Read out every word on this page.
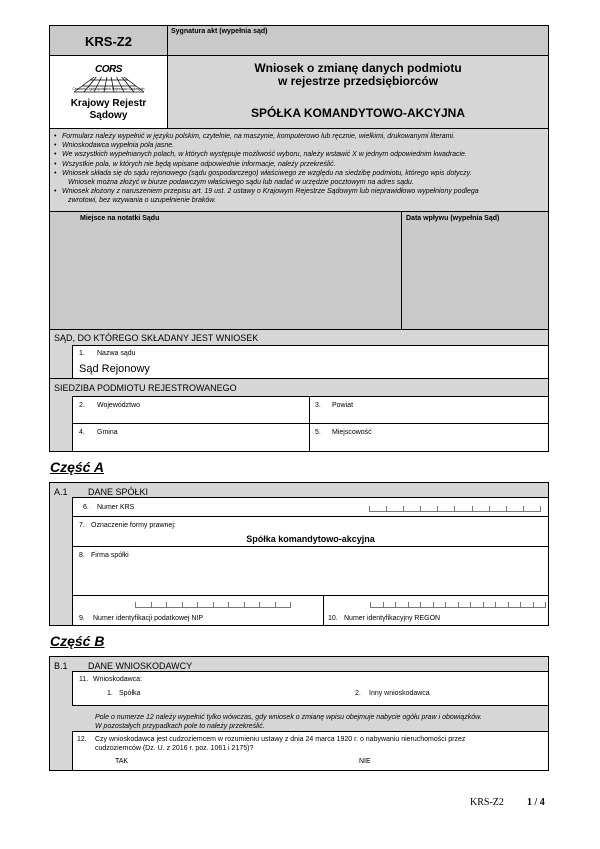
KRS-Z2
CORS
Centrum Ogólnopolskich Rejestrów Sądowych
Krajowy Rejestr
Sądowy
Sygnatura akt (wypełnia sąd)
Wniosek o zmianę danych podmiotu
w rejestrze przedsiębiorców
SPÓŁKA KOMANDYTOWO-AKCYJNA
• Formularz należy wypełnić w języku polskim, czytelnie, na maszynie, komputerowo lub ręcznie, wielkimi, drukowanymi literami.
• Wnioskodawca wypełnia pola jasne.
• We wszystkich wypełnianych polach, w których występuje możliwość wyboru, należy wstawić X w jednym odpowiednim kwadracie.
• Wszystkie pola, w których nie będą wpisane odpowiednie informacje, należy przekreślić.
• Wniosek składa się do sądu rejonowego (sądu gospodarczego) właściwego ze względu na siedzibę podmiotu, którego wpis dotyczy.
Wniosek można złożyć w biurze podawczym właściwego sądu lub nadać w urzędzie pocztowym na adres sądu.
• Wniosek złożony z naruszeniem przepisu art. 19 ust. 2 ustawy o Krajowym Rejestrze Sądowym lub nieprawidłowo wypełniony podlega
zwrotowi, bez wzywania o uzupełnienie braków.
Miejsce na notatki Sądu	Data wpływu (wypełnia Sąd)
SĄD, DO KTÓREGO SKŁADANY JEST WNIOSEK
1. Nazwa sądu
Sąd Rejonowy
SIEDZIBA PODMIOTU REJESTROWANEGO
2. Województwo	3. Powiat
4. Gmina	5. Miejscowość
Część A
A.1 DANE SPÓŁKI
6. Numer KRS
7. Oznaczenie formy prawnej:
Spółka komandytowo-akcyjna
8. Firma spółki
9. Numer identyfikacji podatkowej NIP	10. Numer identyfikacyjny REGON
Część B
B.1 DANE WNIOSKODAWCY
Pole o numerze 12 należy wypełnić tylko wówczas, gdy wniosek o zmianę wpisu obejmuje nabycie ogółu praw i obowiązków.
W pozostałych przypadkach pole to należy przekreślić.
11. Wnioskodawca:
1. Spółka	2. Inny wnioskodawca
12. Czy wnioskodawca jest cudzoziemcem w rozumieniu ustawy z dnia 24 marca 1920 r. o nabywaniu nieruchomości przez
cudzoziemców (Dz. U. z 2016 r. poz. 1061 i 2175)?
TAK	NIE
KRS-Z2 1 / 4
